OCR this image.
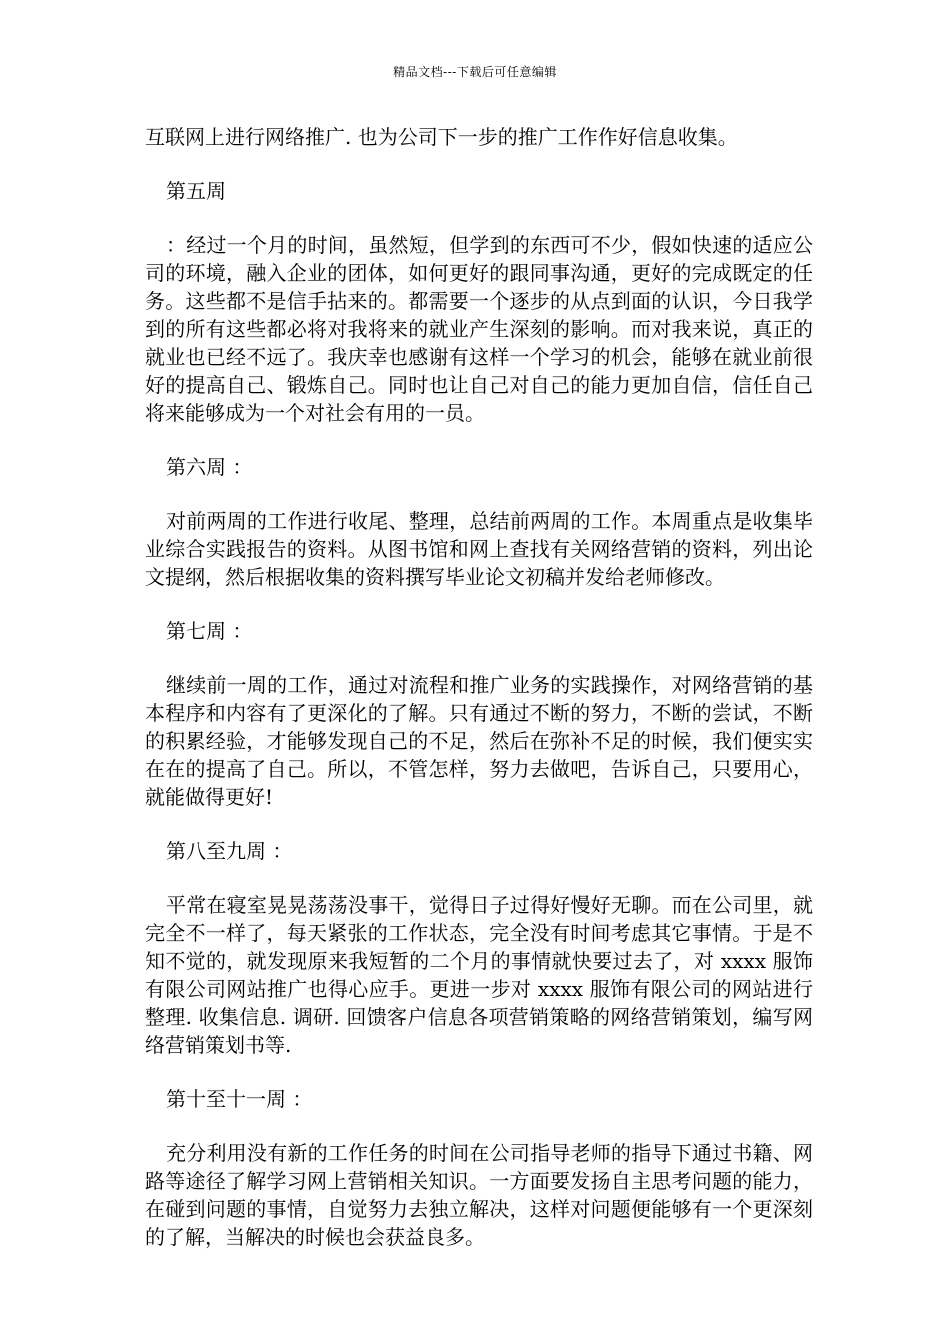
精品文档---下载后可任意编辑

互联网上进行网络推广. 也为公司下一步的推广工作作好信息收集。

第五周

：经过一个月的时间，虽然短，但学到的东西可不少，假如快速的适应公司的环境，融入企业的团体，如何更好的跟同事沟通，更好的完成既定的任务。这些都不是信手拈来的。都需要一个逐步的从点到面的认识，今日我学到的所有这些都必将对我将来的就业产生深刻的影响。而对我来说，真正的就业也已经不远了。我庆幸也感谢有这样一个学习的机会，能够在就业前很好的提高自己、锻炼自己。同时也让自己对自己的能力更加自信，信任自己将来能够成为一个对社会有用的一员。

第六周 ：

对前两周的工作进行收尾、整理，总结前两周的工作。本周重点是收集毕业综合实践报告的资料。从图书馆和网上查找有关网络营销的资料，列出论文提纲，然后根据收集的资料撰写毕业论文初稿并发给老师修改。

第七周 ：

继续前一周的工作，通过对流程和推广业务的实践操作，对网络营销的基本程序和内容有了更深化的了解。只有通过不断的努力，不断的尝试，不断的积累经验，才能够发现自己的不足，然后在弥补不足的时候，我们便实实在在的提高了自己。所以，不管怎样，努力去做吧，告诉自己，只要用心，就能做得更好!

第八至九周 ：

平常在寝室晃晃荡荡没事干，觉得日子过得好慢好无聊。而在公司里，就完全不一样了，每天紧张的工作状态，完全没有时间考虑其它事情。于是不知不觉的，就发现原来我短暂的二个月的事情就快要过去了，对 xxxx 服饰有限公司网站推广也得心应手。更进一步对 xxxx 服饰有限公司的网站进行整理. 收集信息. 调研. 回馈客户信息各项营销策略的网络营销策划，编写网络营销策划书等.

第十至十一周 ：

充分利用没有新的工作任务的时间在公司指导老师的指导下通过书籍、网路等途径了解学习网上营销相关知识。一方面要发扬自主思考问题的能力，在碰到问题的事情，自觉努力去独立解决，这样对问题便能够有一个更深刻的了解，当解决的时候也会获益良多。
